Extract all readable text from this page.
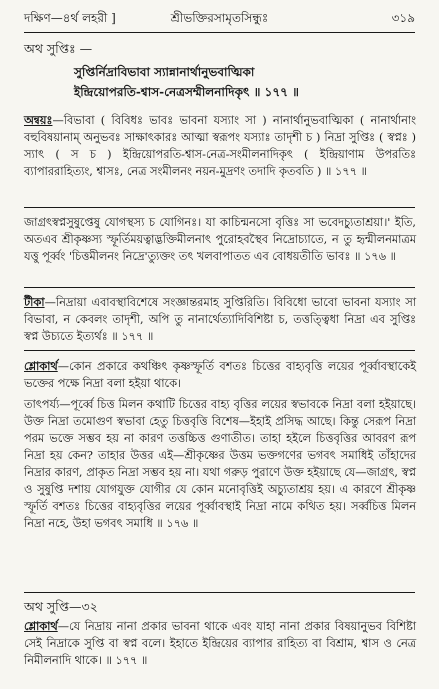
দক্ষিণ—৪র্থ লহরী ]	শ্রীভক্তিরসামৃতসিন্ধুঃ	৩১৯
অথ সুপ্তিঃ —
সুপ্তির্নিদ্রাবিভাবা স্যান্নানার্থানুভবাত্মিকা
ইন্দ্রিয়োপরতি-শ্বাস-নেত্রসম্মীলনাদিকৃৎ ॥ ১৭৭ ॥
অন্বয়ঃ—বিভাবা ( বিবিধঃ ভাবঃ ভাবনা যস্যাং সা ) নানার্থানুভবাত্মিকা ( নানার্থানাং বহুবিষয়ানাম্ অনুভবঃ সাক্ষাৎকারঃ আত্মা স্বরূপং যস্যাঃ তাদৃশী চ ) নিদ্রা সুপ্তিঃ ( স্বপ্নঃ ) স্যাৎ ( স চ ) ইন্দ্রিয়োপরতি-শ্বাস-নেত্র-সংমীলনাদিকৃৎ ( ইন্দ্রিয়াণাম উপরতিঃ ব্যাপাররাহিত্যং, শ্বাসঃ, নেত্র সংমীলনং নয়ন-মুদ্রণং তদাদি কৃতবতি ) ॥ ১৭৭ ॥
জাগ্রৎস্বপ্নসুষুপ্তেষু যোগস্থস্য চ যোগিনঃ। যা কাচিন্মনসো বৃত্তিঃ সা ভবেদচ্যুতাশ্রয়া।' ইতি, অতএব শ্রীকৃষ্ণস্য স্ফূর্তিময়ত্বাদ্ভক্তিমীলনাৎ পুরোহবস্থৈব নিদ্রোচ্যাতে, ন তু হৃন্মীলনমাত্রম যত্তু পূর্ব্বং 'চিত্তমীলনং নিদ্রে'ত্যুক্তং তৎ খলবাপাতত এব বোধয়তীতি ভাবঃ ॥ ১৭৬ ॥
টীকা—নিদ্রায়া এবাবস্থাবিশেষে সংজ্ঞান্তরমাহ সুপ্তিরিতি। বিবিধো ভাবো ভাবনা যস্যাং সা বিভাবা, ন কেবলং তাদৃশী, অপি তু নানার্থেত্যাদিবিশিষ্টা চ, তত্তত্ত্বিধা নিদ্রা এব সুপ্তিঃ স্বপ্ন উচ্যতে ইত্যর্থঃ ॥ ১৭৭ ॥
শ্লোকার্থ—কোন প্রকারে কথঞ্চিৎ কৃষ্ণস্ফূর্তি বশতঃ চিত্তের বাহ্যবৃত্তি লয়ের পূর্ব্বাবস্থাকেই ভক্তের পক্ষে নিদ্রা বলা হইয়া থাকে।
তাৎপর্য্য—পূর্ব্বে চিত্ত মিলন কথাটি চিত্তের বাহ্য বৃত্তির লয়ের স্বভাবকে নিদ্রা বলা হইয়াছে। উক্ত নিদ্রা তমোগুণ স্বভাবা হেতু চিত্তবৃত্তি বিশেষ—ইহাই প্রসিদ্ধ আছে। কিন্তু সেরূপ নিদ্রা পরম ভক্তে সম্ভব হয় না কারণ তত্তচ্চিত্ত গুণাতীত। তাহা হইলে চিত্তবৃত্তির আবরণ রূপ নিদ্রা হয় কেন? তাহার উত্তর এই—শ্রীকৃষ্ণের উত্তম ভক্তগণের ভগবৎ সমাধিই তাঁহাদের নিদ্রার কারণ, প্রাকৃত নিদ্রা সম্ভব হয় না। যথা গরুড় পুরাণে উক্ত হইয়াছে যে—জাগ্রৎ, স্বপ্ন ও সুষুপ্তি দশায় যোগযুক্ত যোগীর যে কোন মনোবৃত্তিই অচ্যুতাশ্রয় হয়। এ কারণে শ্রীকৃষ্ণ স্ফূর্তি বশতঃ চিত্তের বাহ্যবৃত্তির লয়ের পূর্ব্বাবস্থাই নিদ্রা নামে কথিত হয়। সর্ব্বচিত্ত মিলন নিদ্রা নহে, উহা ভগবৎ সমাধি ॥ ১৭৬ ॥
অথ সুপ্তি—৩২
শ্লোকার্থ—যে নিদ্রায় নানা প্রকার ভাবনা থাকে এবং যাহা নানা প্রকার বিষয়ানুভব বিশিষ্টা সেই নিদ্রাকে সুপ্তি বা স্বপ্ন বলে। ইহাতে ইন্দ্রিয়ের ব্যাপার রাহিত্য বা বিশ্রাম, শ্বাস ও নেত্র নিমীলনাদি থাকে। ॥ ১৭৭ ॥
